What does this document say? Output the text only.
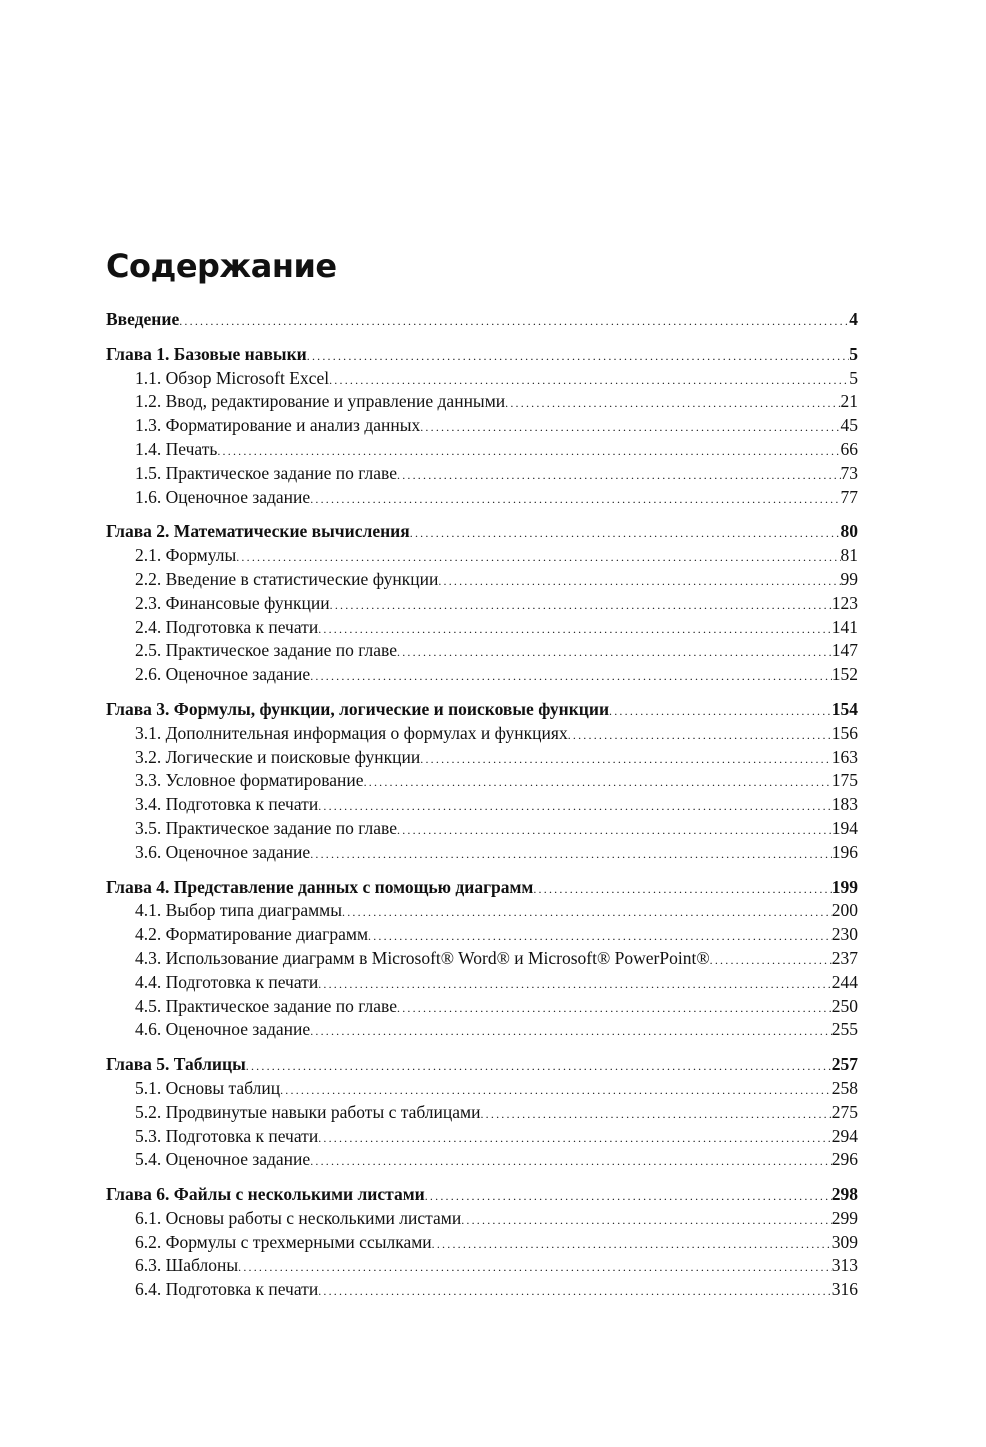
Содержание
Введение .....	4
Глава 1. Базовые навыки .....	5
1.1. Обзор Microsoft Excel .....	5
1.2. Ввод, редактирование и управление данными .....	21
1.3. Форматирование и анализ данных .....	45
1.4. Печать .....	66
1.5. Практическое задание по главе .....	73
1.6. Оценочное задание .....	77
Глава 2. Математические вычисления .....	80
2.1. Формулы .....	81
2.2. Введение в статистические функции .....	99
2.3. Финансовые функции .....	123
2.4. Подготовка к печати .....	141
2.5. Практическое задание по главе .....	147
2.6. Оценочное задание .....	152
Глава 3. Формулы, функции, логические и поисковые функции .....	154
3.1. Дополнительная информация о формулах и функциях .....	156
3.2. Логические и поисковые функции .....	163
3.3. Условное форматирование .....	175
3.4. Подготовка к печати .....	183
3.5. Практическое задание по главе .....	194
3.6. Оценочное задание .....	196
Глава 4. Представление данных с помощью диаграмм .....	199
4.1. Выбор типа диаграммы .....	200
4.2. Форматирование диаграмм .....	230
4.3. Использование диаграмм в Microsoft® Word® и Microsoft® PowerPoint® .....	237
4.4. Подготовка к печати .....	244
4.5. Практическое задание по главе .....	250
4.6. Оценочное задание .....	255
Глава 5. Таблицы .....	257
5.1. Основы таблиц .....	258
5.2. Продвинутые навыки работы с таблицами .....	275
5.3. Подготовка к печати .....	294
5.4. Оценочное задание .....	296
Глава 6. Файлы с несколькими листами .....	298
6.1. Основы работы с несколькими листами .....	299
6.2. Формулы с трехмерными ссылками .....	309
6.3. Шаблоны .....	313
6.4. Подготовка к печати .....	316
